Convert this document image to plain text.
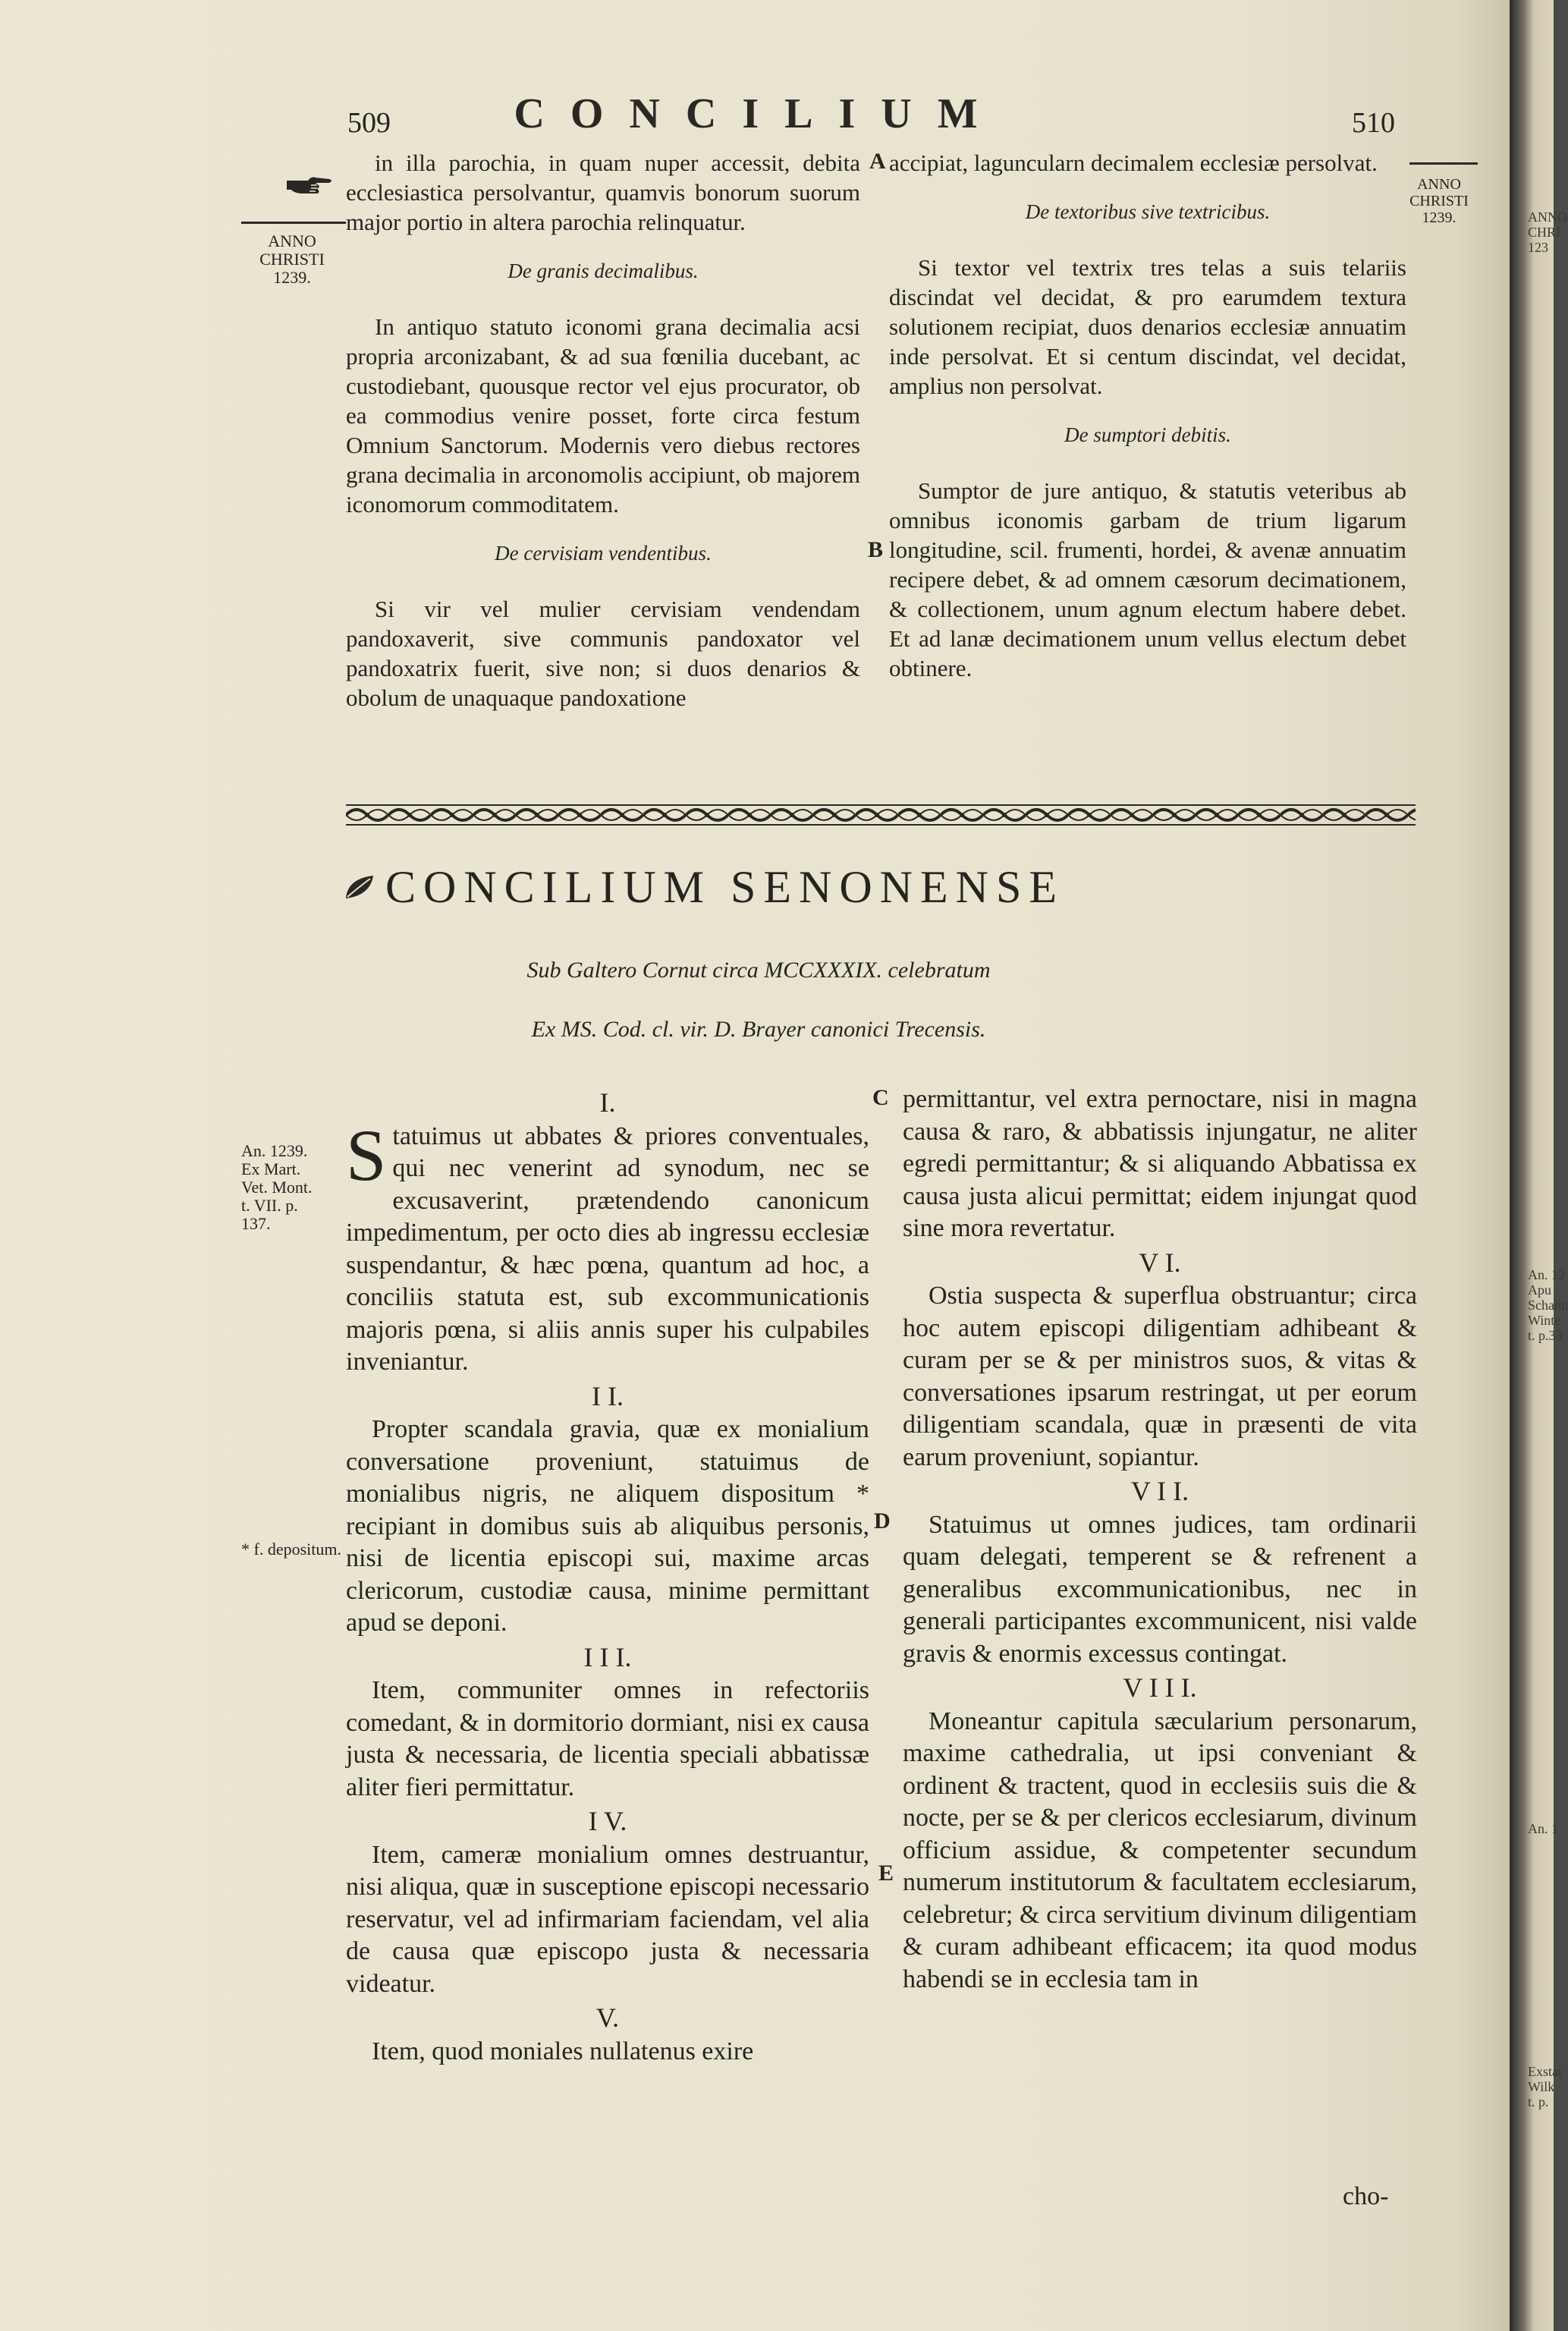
CONCILIUM
509	510
ANNO
CHRISTI
1239.
ANNO
CHRISTI
1239.
A
B
C
D
E

in illa parochia, in quam nuper accessit, debita ecclesiastica persolvantur, quamvis bonorum suorum major portio in altera parochia relinquatur.

De granis decimalibus.

In antiquo statuto iconomi grana decimalia acsi propria arconizabant, & ad sua fœnilia ducebant, ac custodiebant, quousque rector vel ejus procurator, ob ea commodius venire posset, forte circa festum Omnium Sanctorum. Modernis vero diebus rectores grana decimalia in arconomolis accipiunt, ob majorem iconomorum commoditatem.

De cervisiam vendentibus.

Si vir vel mulier cervisiam vendendam pandoxaverit, sive communis pandoxator vel pandoxatrix fuerit, sive non; si duos denarios & obolum de unaquaque pandoxatione

accipiat, laguncularn decimalem ecclesiæ persolvat.

De textoribus sive textricibus.

Si textor vel textrix tres telas a suis telariis discindat vel decidat, & pro earumdem textura solutionem recipiat, duos denarios ecclesiæ annuatim inde persolvat. Et si centum discindat, vel decidat, amplius non persolvat.

De sumptori debitis.

Sumptor de jure antiquo, & statutis veteribus ab omnibus iconomis garbam de trium ligarum longitudine, scil. frumenti, hordei, & avenæ annuatim recipere debet, & ad omnem cæsorum decimationem, & collectionem, unum agnum electum habere debet. Et ad lanæ decimationem unum vellus electum debet obtinere.

CONCILIUM SENONENSE
Sub Galtero Cornut circa MCCXXXIX. celebratum
Ex MS. Cod. cl. vir. D. Brayer canonici Trecensis.
An. 1239.
Ex Mart.
Vet. Mont.
t. VII. p.
137.
* f. depositum.
I.

Statuimus ut abbates & priores conventuales, qui nec venerint ad synodum, nec se excusaverint, prætendendo canonicum impedimentum, per octo dies ab ingressu ecclesiæ suspendantur, & hæc pœna, quantum ad hoc, a conciliis statuta est, sub excommunicationis majoris pœna, si aliis annis super his culpabiles inveniantur.

I I.

Propter scandala gravia, quæ ex monialium conversatione proveniunt, statuimus de monialibus nigris, ne aliquem dispositum * recipiant in domibus suis ab aliquibus personis, nisi de licentia episcopi sui, maxime arcas clericorum, custodiæ causa, minime permittant apud se deponi.

I I I.

Item, communiter omnes in refectoriis comedant, & in dormitorio dormiant, nisi ex causa justa & necessaria, de licentia speciali abbatissæ aliter fieri permittatur.

I V.

Item, cameræ monialium omnes destruantur, nisi aliqua, quæ in susceptione episcopi necessario reservatur, vel ad infirmariam faciendam, vel alia de causa quæ episcopo justa & necessaria videatur.

V.

Item, quod moniales nullatenus exire

permittantur, vel extra pernoctare, nisi in magna causa & raro, & abbatissis injungatur, ne aliter egredi permittantur; & si aliquando Abbatissa ex causa justa alicui permittat; eidem injungat quod sine mora revertatur.

V I.

Ostia suspecta & superflua obstruantur; circa hoc autem episcopi diligentiam adhibeant & curam per se & per ministros suos, & vitas & conversationes ipsarum restringat, ut per eorum diligentiam scandala, quæ in præsenti de vita earum proveniunt, sopiantur.

V I I.

Statuimus ut omnes judices, tam ordinarii quam delegati, temperent se & refrenent a generalibus excommunicationibus, nec in generali participantes excommunicent, nisi valde gravis & enormis excessus contingat.

V I I I.

Moneantur capitula sæcularium personarum, maxime cathedralia, ut ipsi conveniant & ordinent & tractent, quod in ecclesiis suis die & nocte, per se & per clericos ecclesiarum, divinum officium assidue, & competenter secundum numerum institutorum & facultatem ecclesiarum, celebretur; & circa servitium divinum diligentiam & curam adhibeant efficacem; ita quod modus habendi se in ecclesia tam in

cho-
ANNO
CHRI
123
An. 12
Apu
Schann
Winte
t. p.33
An. 1
Exstat
Wilk
t. p.
